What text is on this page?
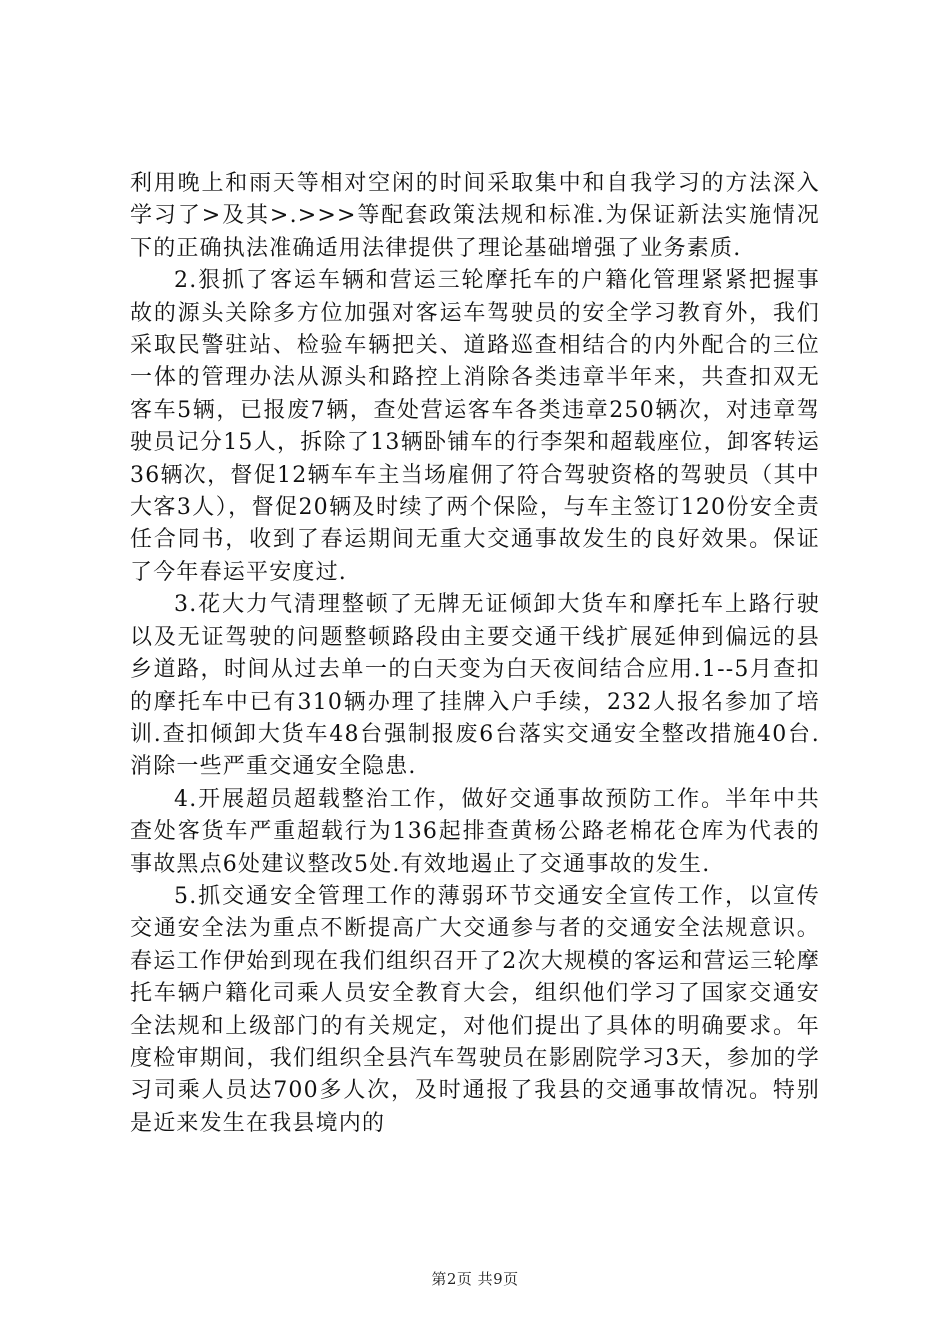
利用晚上和雨天等相对空闲的时间采取集中和自我学习的方法深入学习了>及其>.>>>等配套政策法规和标准.为保证新法实施情况下的正确执法准确适用法律提供了理论基础增强了业务素质.

2.狠抓了客运车辆和营运三轮摩托车的户籍化管理紧紧把握事故的源头关除多方位加强对客运车驾驶员的安全学习教育外，我们采取民警驻站、检验车辆把关、道路巡查相结合的内外配合的三位一体的管理办法从源头和路控上消除各类违章半年来，共查扣双无客车5辆，已报废7辆，查处营运客车各类违章250辆次，对违章驾驶员记分15人，拆除了13辆卧铺车的行李架和超载座位，卸客转运36辆次，督促12辆车车主当场雇佣了符合驾驶资格的驾驶员（其中大客3人），督促20辆及时续了两个保险，与车主签订120份安全责任合同书，收到了春运期间无重大交通事故发生的良好效果。保证了今年春运平安度过.

3.花大力气清理整顿了无牌无证倾卸大货车和摩托车上路行驶以及无证驾驶的问题整顿路段由主要交通干线扩展延伸到偏远的县乡道路，时间从过去单一的白天变为白天夜间结合应用.1--5月查扣的摩托车中已有310辆办理了挂牌入户手续，232人报名参加了培训.查扣倾卸大货车48台强制报废6台落实交通安全整改措施40台.消除一些严重交通安全隐患.

4.开展超员超载整治工作，做好交通事故预防工作。半年中共查处客货车严重超载行为136起排查黄杨公路老棉花仓库为代表的事故黑点6处建议整改5处.有效地遏止了交通事故的发生.

5.抓交通安全管理工作的薄弱环节交通安全宣传工作，以宣传交通安全法为重点不断提高广大交通参与者的交通安全法规意识。春运工作伊始到现在我们组织召开了2次大规模的客运和营运三轮摩托车辆户籍化司乘人员安全教育大会，组织他们学习了国家交通安全法规和上级部门的有关规定，对他们提出了具体的明确要求。年度检审期间，我们组织全县汽车驾驶员在影剧院学习3天，参加的学习司乘人员达700多人次，及时通报了我县的交通事故情况。特别是近来发生在我县境内的

第2页 共9页
